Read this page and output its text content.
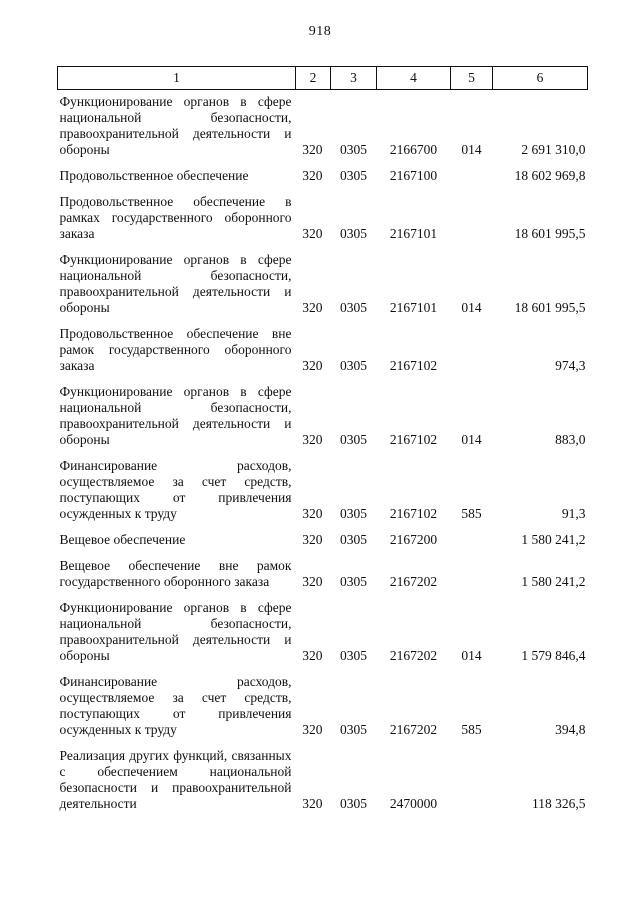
918
1	2	3	4	5	6
Функционирование органов в сфере национальной безопасности, правоохранительной деятельности и обороны	320	0305	2166700	014	2 691 310,0
Продовольственное обеспечение	320	0305	2167100		18 602 969,8
Продовольственное обеспечение в рамках государственного оборонного заказа	320	0305	2167101		18 601 995,5
Функционирование органов в сфере национальной безопасности, правоохранительной деятельности и обороны	320	0305	2167101	014	18 601 995,5
Продовольственное обеспечение вне рамок государственного оборонного заказа	320	0305	2167102		974,3
Функционирование органов в сфере национальной безопасности, правоохранительной деятельности и обороны	320	0305	2167102	014	883,0
Финансирование расходов, осуществляемое за счет средств, поступающих от привлечения осужденных к труду	320	0305	2167102	585	91,3
Вещевое обеспечение	320	0305	2167200		1 580 241,2
Вещевое обеспечение вне рамок государственного оборонного заказа	320	0305	2167202		1 580 241,2
Функционирование органов в сфере национальной безопасности, правоохранительной деятельности и обороны	320	0305	2167202	014	1 579 846,4
Финансирование расходов, осуществляемое за счет средств, поступающих от привлечения осужденных к труду	320	0305	2167202	585	394,8
Реализация других функций, связанных с обеспечением национальной безопасности и правоохранительной деятельности	320	0305	2470000		118 326,5
